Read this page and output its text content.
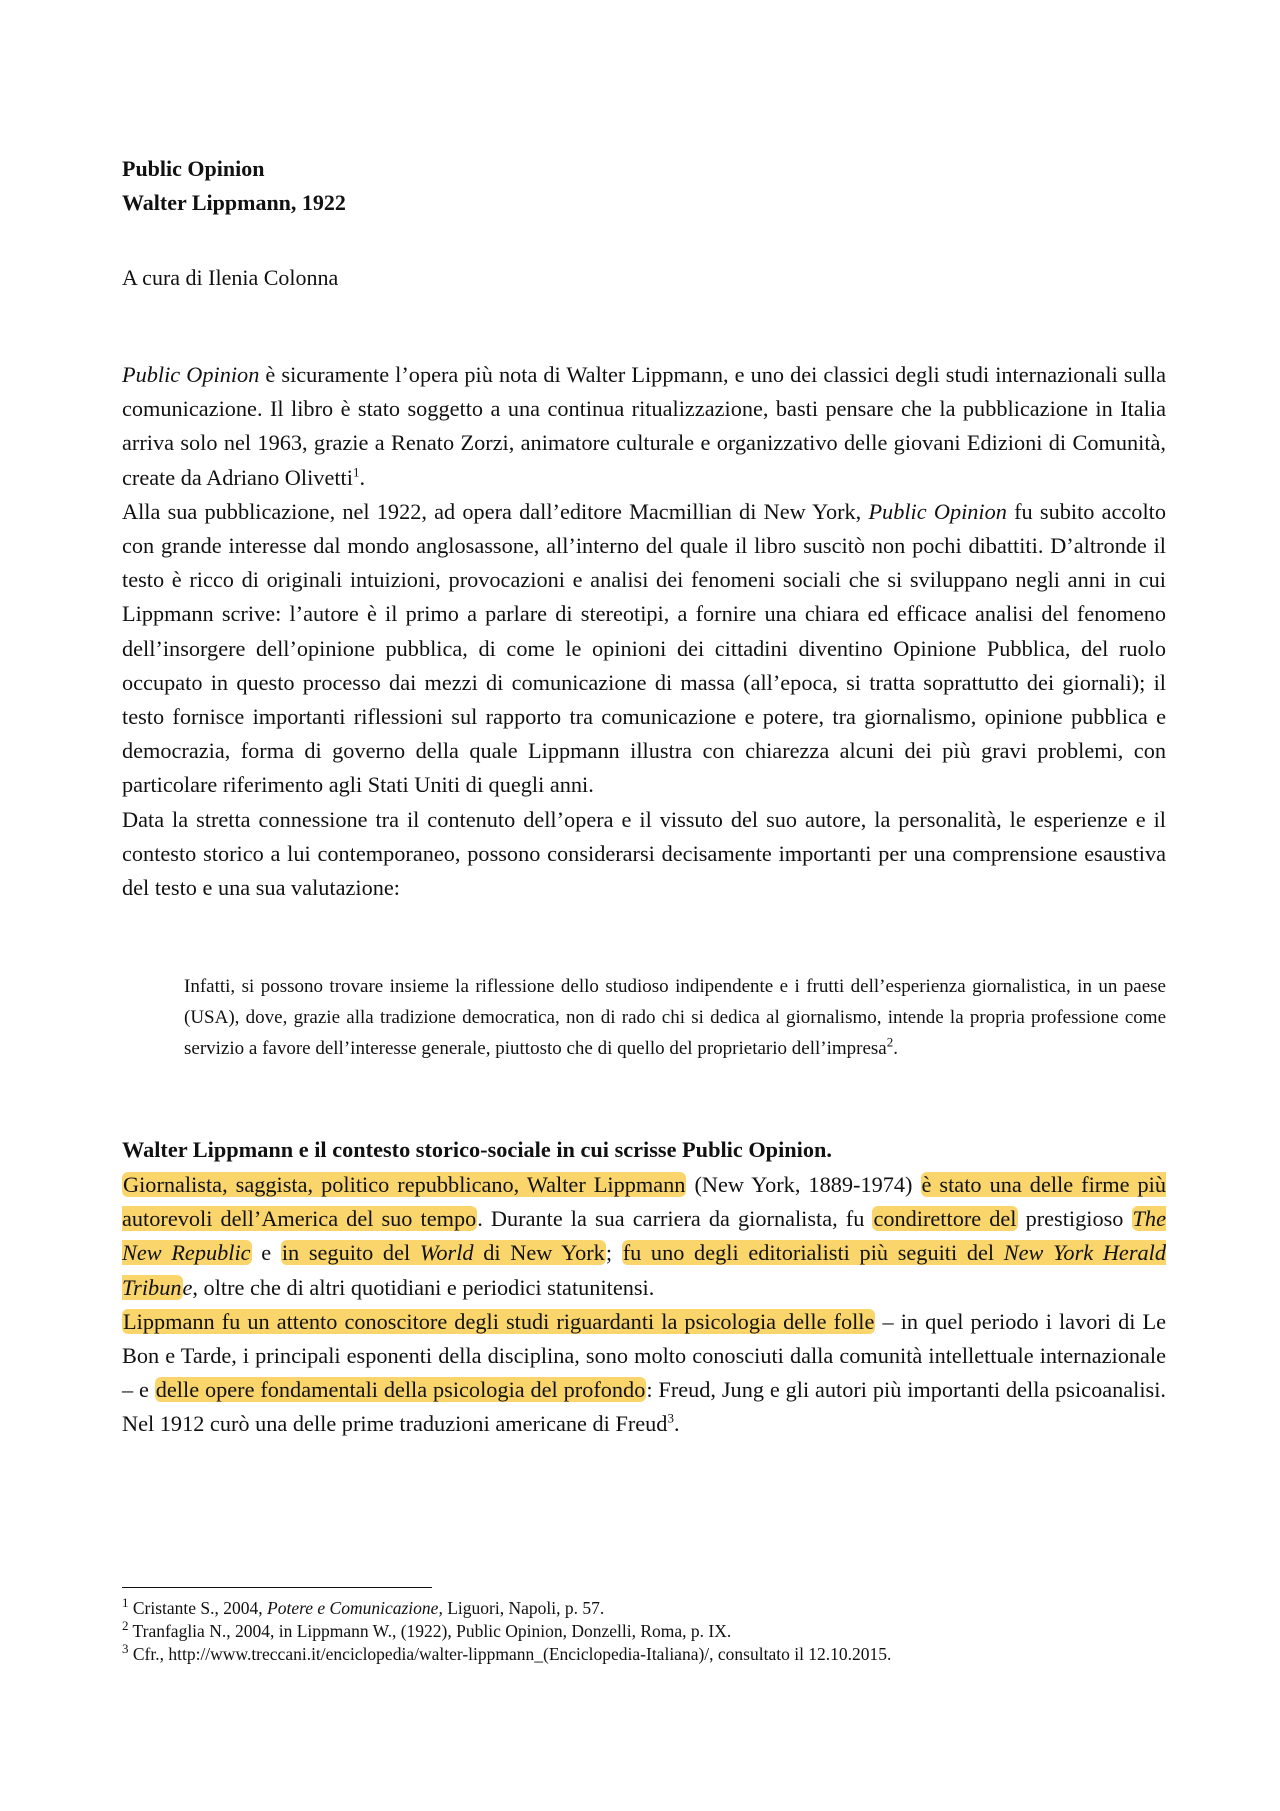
Public Opinion
Walter Lippmann, 1922
A cura di Ilenia Colonna

Public Opinion è sicuramente l’opera più nota di Walter Lippmann, e uno dei classici degli studi internazionali sulla comunicazione. Il libro è stato soggetto a una continua ritualizzazione, basti pensare che la pubblicazione in Italia arriva solo nel 1963, grazie a Renato Zorzi, animatore culturale e organizzativo delle giovani Edizioni di Comunità, create da Adriano Olivetti$^1$.

Alla sua pubblicazione, nel 1922, ad opera dall’editore Macmillian di New York, Public Opinion fu subito accolto con grande interesse dal mondo anglosassone, all’interno del quale il libro suscitò non pochi dibattiti. D’altronde il testo è ricco di originali intuizioni, provocazioni e analisi dei fenomeni sociali che si sviluppano negli anni in cui Lippmann scrive: l’autore è il primo a parlare di stereotipi, a fornire una chiara ed efficace analisi del fenomeno dell’insorgere dell’opinione pubblica, di come le opinioni dei cittadini diventino Opinione Pubblica, del ruolo occupato in questo processo dai mezzi di comunicazione di massa (all’epoca, si tratta soprattutto dei giornali); il testo fornisce importanti riflessioni sul rapporto tra comunicazione e potere, tra giornalismo, opinione pubblica e democrazia, forma di governo della quale Lippmann illustra con chiarezza alcuni dei più gravi problemi, con particolare riferimento agli Stati Uniti di quegli anni.

Data la stretta connessione tra il contenuto dell’opera e il vissuto del suo autore, la personalità, le esperienze e il contesto storico a lui contemporaneo, possono considerarsi decisamente importanti per una comprensione esaustiva del testo e una sua valutazione:

Infatti, si possono trovare insieme la riflessione dello studioso indipendente e i frutti dell’esperienza giornalistica, in un paese (USA), dove, grazie alla tradizione democratica, non di rado chi si dedica al giornalismo, intende la propria professione come servizio a favore dell’interesse generale, piuttosto che di quello del proprietario dell’impresa$^2$.

Walter Lippmann e il contesto storico-sociale in cui scrisse Public Opinion.

Giornalista, saggista, politico repubblicano, Walter Lippmann (New York, 1889-1974) è stato una delle firme più autorevoli dell’America del suo tempo. Durante la sua carriera da giornalista, fu condirettore del prestigioso The New Republic e in seguito del World di New York; fu uno degli editorialisti più seguiti del New York Herald Tribune, oltre che di altri quotidiani e periodici statunitensi.

Lippmann fu un attento conoscitore degli studi riguardanti la psicologia delle folle – in quel periodo i lavori di Le Bon e Tarde, i principali esponenti della disciplina, sono molto conosciuti dalla comunità intellettuale internazionale – e delle opere fondamentali della psicologia del profondo: Freud, Jung e gli autori più importanti della psicoanalisi. Nel 1912 curò una delle prime traduzioni americane di Freud$^3$.

$^1$ Cristante S., 2004, Potere e Comunicazione, Liguori, Napoli, p. 57.
$^2$ Tranfaglia N., 2004, in Lippmann W., (1922), Public Opinion, Donzelli, Roma, p. IX.
$^3$ Cfr., http://www.treccani.it/enciclopedia/walter-lippmann_(Enciclopedia-Italiana)/, consultato il 12.10.2015.
